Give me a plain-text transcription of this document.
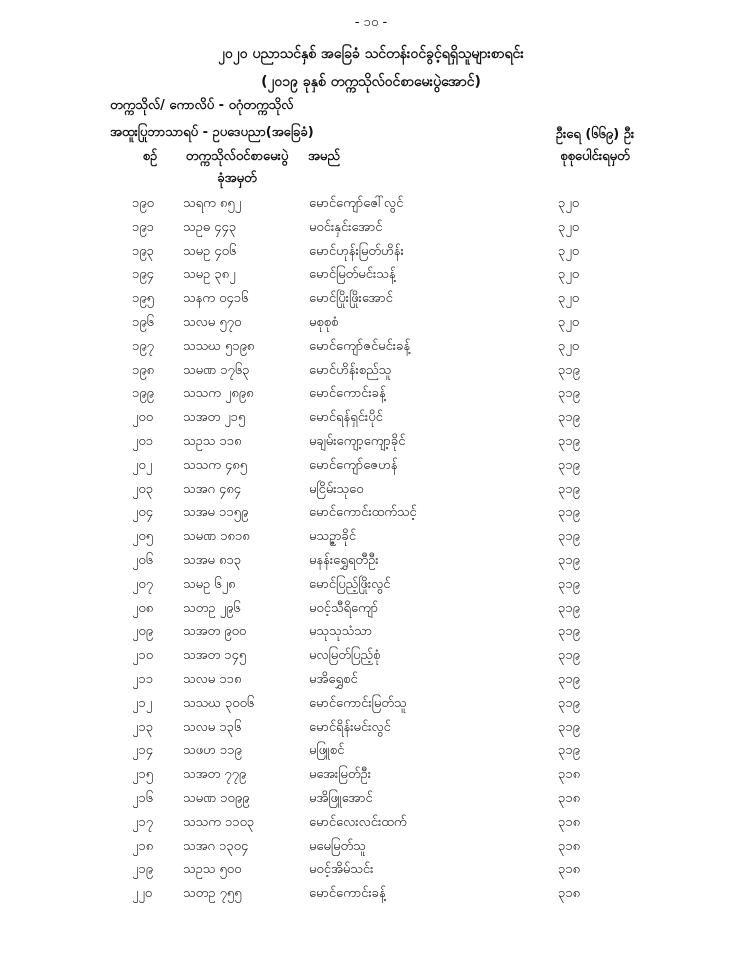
- ၁၀ -
၂၀၂၀ ပညာသင်နှစ် အခြေခံ သင်တန်းဝင်ခွင့်ရရှိသူများစာရင်း
(၂၀၁၉ ခုနှစ် တက္ကသိုလ်ဝင်စာမေးပွဲအောင်)
တက္ကသိုလ်/ ကောလိပ် - ဝဂုံတက္ကသိုလ်
အထူးပြုဘာသာရပ် - ဥပဒေပညာ(အခြေခံ)	ဦးရေ (၆၆၉) ဦး
စုစုပေါင်းရမှတ်
စဉ်	တက္ကသိုလ်ဝင်စာမေးပွဲ
ခုံအမှတ်
အမည်
၁၉၀	သရက ၈၅၂	မောင်ကျော်ဇေါ်လွင်	၃၂၀
၁၉၁	သဥဓ ၄၄၃	မဝင်းနှင်းအောင်	၃၂၀
၁၉၃	သမဥ ၄၀၆	မောင်ဟုန်းမြတ်ဟိန်း	၃၂၀
၁၉၄	သမဥ ၃၈၂	မောင်မြတ်မင်းသန့်	၃၂၀
၁၉၅	သနက ၀၄၁၆	မောင်ပြိုးဖြိုးအောင်	၃၂၀
၁၉၆	သလမ ၅၇၀	မစုစုစံ	၃၂၀
၁၉၇	သသဃ ၅၁၉၈	မောင်ကျော်ဇင်မင်းခန့်	၃၂၀
၁၉၈	သမဏ ၁၇၆၃	မောင်ဟိန်းစည်သူ	၃၁၉
၁၉၉	သသက ၂၈၉၈	မောင်ကောင်းခန့်	၃၁၉
၂၀၀	သအတ ၂၁၅	မောင်ရန်ရှင်းပိုင်	၃၁၉
၂၀၁	သဥသ ၁၁၈	မချမ်းကျော့ကျော့ခိုင်	၃၁၉
၂၀၂	သသက ၄၈၅	မောင်ကျော်ဇေဟန်	၃၁၉
၂၀၃	သအဂ ၄၈၄	မငြိမ်းသုဝေ	၃၁၉
၂၀၄	သအမ ၁၁၅၉	မောင်ကောင်းထက်သင့်	၃၁၉
၂၀၅	သမဏ ၁၈၁၈	မသဉ္ဇာခိုင်	၃၁၉
၂၀၆	သအမ ၈၁၃	မနန်းရွှေရတီဦး	၃၁၉
၂၀၇	သမဥ ၆၂၈	မောင်ပြည့်ဖြိုးလွင်	၃၁၉
၂၀၈	သတဥ ၂၉၆	မဝင့်သီရိကျော်	၃၁၉
၂၀၉	သအတ ၉၀၀	မသုသုသံသာ	၃၁၉
၂၁၀	သအတ ၁၄၅	မလမြတ်ပြည့်စုံ	၃၁၉
၂၁၁	သလမ ၁၁၈	မအိရွှေစင်	၃၁၉
၂၁၂	သသဃ ၃၀၀၆	မောင်ကောင်းမြတ်သူ	၃၁၉
၂၁၃	သလမ ၁၃၆	မောင်ရိန်းမင်းလွင်	၃၁၉
၂၁၄	သဖဟ ၁၁၉	မဖြူစင်	၃၁၉
၂၁၅	သအတ ၇၇၉	မအေးမြတ်ဦး	၃၁၈
၂၁၆	သမဏ ၁၀၉၉	မအိဖြူအောင်	၃၁၈
၂၁၇	သသက ၁၁၀၃	မောင်လေးလင်းထက်	၃၁၈
၂၁၈	သအဂ ၁၃၀၄	မမေမြတ်သူ	၃၁၈
၂၁၉	သဥသ ၅၀၀	မဝင့်အိမ်သင်း	၃၁၈
၂၂၀	သတဥ ၇၅၅	မောင်ကောင်းခန့်	၃၁၈
